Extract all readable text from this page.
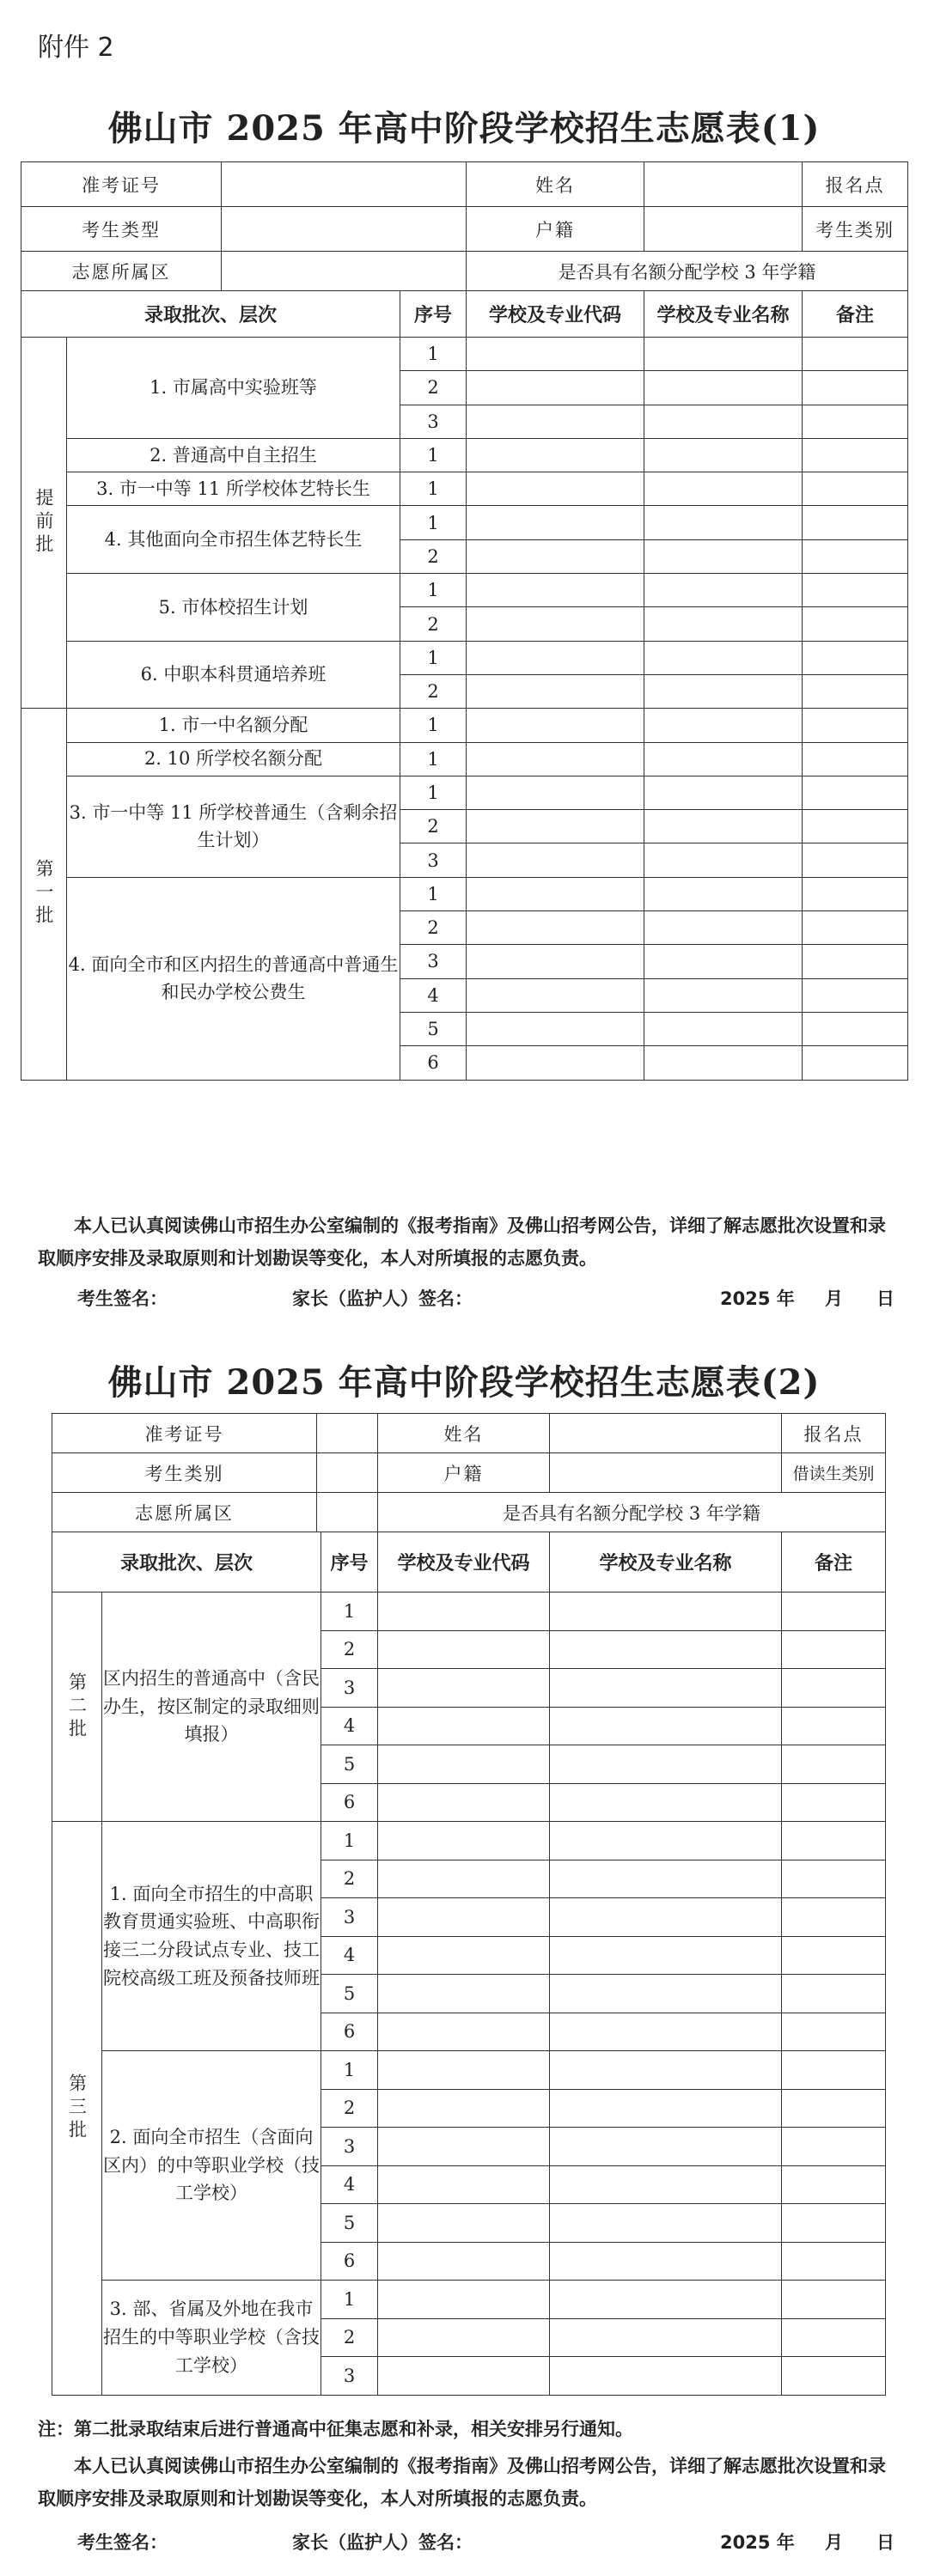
附件 2
佛山市 2025 年高中阶段学校招生志愿表(1)
准考证号				姓名		报名点
考生类型				户籍		考生类别
志愿所属区				是否具有名额分配学校 3 年学籍		
录取批次、层次			序号	学校及专业代码	学校及专业名称	备注
提前批	1. 市属高中实验班等		1			
			2			
			3			
	2. 普通高中自主招生		1			
	3. 市一中等 11 所学校体艺特长生		1			
	4. 其他面向全市招生体艺特长生		1			
			2			
	5. 市体校招生计划		1			
			2			
	6. 中职本科贯通培养班		1			
			2			
第一批	1. 市一中名额分配		1			
	2. 10 所学校名额分配		1			
	3. 市一中等 11 所学校普通生（含剩余招生计划）		1			
			2			
			3			
	4. 面向全市和区内招生的普通高中普通生和民办学校公费生		1			
			2			
			3			
			4			
			5			
			6			
本人已认真阅读佛山市招生办公室编制的《报考指南》及佛山招考网公告，详细了解志愿批次设置和录取顺序安排及录取原则和计划勘误等变化，本人对所填报的志愿负责。
考生签名：	家长（监护人）签名：	2025 年 月 日
佛山市 2025 年高中阶段学校招生志愿表(2)
准考证号				姓名		报名点
考生类别				户籍		借读生类别
志愿所属区				是否具有名额分配学校 3 年学籍		
录取批次、层次			序号	学校及专业代码	学校及专业名称	备注
第二批	区内招生的普通高中（含民办生，按区制定的录取细则填报）		1			
			2			
			3			
			4			
			5			
			6			
第三批	1. 面向全市招生的中高职教育贯通实验班、中高职衔接三二分段试点专业、技工院校高级工班及预备技师班		1			
			2			
			3			
			4			
			5			
			6			
	2. 面向全市招生（含面向区内）的中等职业学校（技工学校）		1			
			2			
			3			
			4			
			5			
			6			
	3. 部、省属及外地在我市招生的中等职业学校（含技工学校）		1			
			2			
			3			
注：第二批录取结束后进行普通高中征集志愿和补录，相关安排另行通知。
本人已认真阅读佛山市招生办公室编制的《报考指南》及佛山招考网公告，详细了解志愿批次设置和录取顺序安排及录取原则和计划勘误等变化，本人对所填报的志愿负责。
考生签名：	家长（监护人）签名：	2025 年 月 日
